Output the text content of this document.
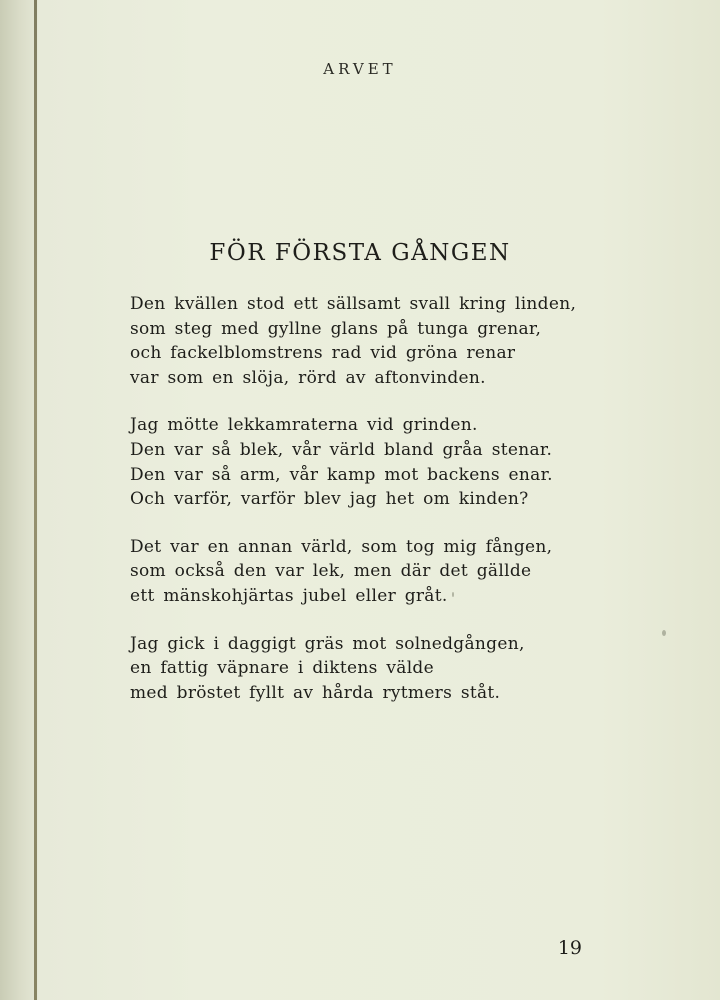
ARVET
FÖR FÖRSTA GÅNGEN
Den kvällen stod ett sällsamt svall kring linden,
som steg med gyllne glans på tunga grenar,
och fackelblomstrens rad vid gröna renar
var som en slöja, rörd av aftonvinden.
Jag mötte lekkamraterna vid grinden.
Den var så blek, vår värld bland gråa stenar.
Den var så arm, vår kamp mot backens enar.
Och varför, varför blev jag het om kinden?
Det var en annan värld, som tog mig fången,
som också den var lek, men där det gällde
ett mänskohjärtas jubel eller gråt.
Jag gick i daggigt gräs mot solnedgången,
en fattig väpnare i diktens välde
med bröstet fyllt av hårda rytmers ståt.
19
